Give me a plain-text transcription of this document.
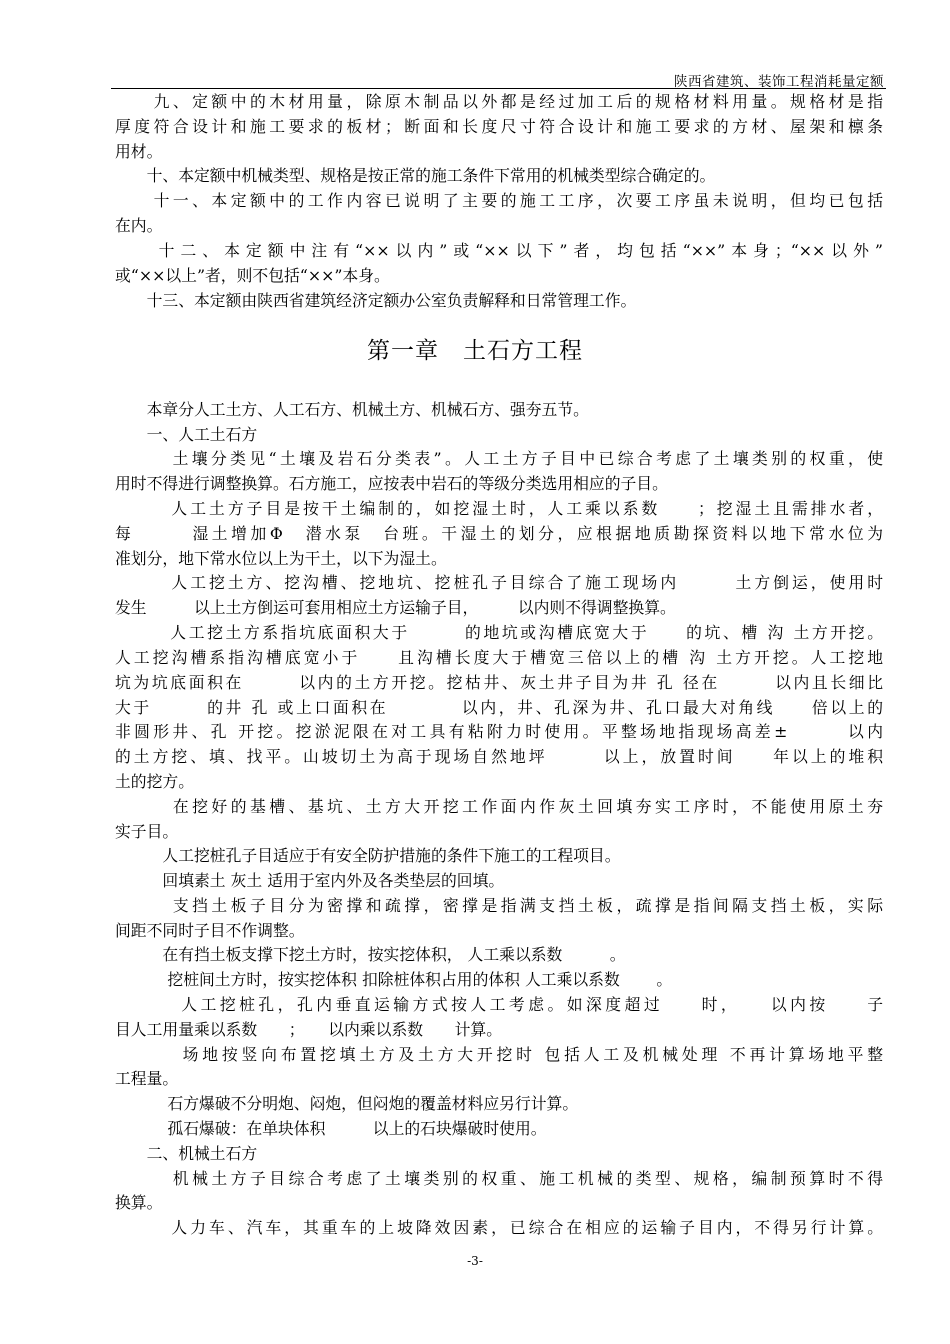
陕西省建筑、装饰工程消耗量定额
　　九、定额中的木材用量，除原木制品以外都是经过加工后的规格材料用量。规格材是指
厚度符合设计和施工要求的板材；断面和长度尺寸符合设计和施工要求的方材、屋架和檩条
用材。
　　十、本定额中机械类型、规格是按正常的施工条件下常用的机械类型综合确定的。
　　十一、本定额中的工作内容已说明了主要的施工工序，次要工序虽未说明，但均已包括
在内。
　　十二、本定额中注有“××以内”或“××以下”者，均包括“××”本身；“××以外”
或“××以上”者，则不包括“××”本身。
　　十三、本定额由陕西省建筑经济定额办公室负责解释和日常管理工作。
第一章　土石方工程
　　本章分人工土方、人工石方、机械土方、机械石方、强夯五节。
　　一、人工土石方
　　　土壤分类见“土壤及岩石分类表”。人工土方子目中已综合考虑了土壤类别的权重，使
用时不得进行调整换算。石方施工，应按表中岩石的等级分类选用相应的子目。
　　　人工土方子目是按干土编制的，如挖湿土时，人工乘以系数　　；挖湿土且需排水者，
每　　　湿土增加Φ　潜水泵　台班。干湿土的划分，应根据地质勘探资料以地下常水位为
准划分，地下常水位以上为干土，以下为湿土。
　　　人工挖土方、挖沟槽、挖地坑、挖桩孔子目综合了施工现场内　　　土方倒运，使用时
发生　　　以上土方倒运可套用相应土方运输子目，　　　以内则不得调整换算。
　　　人工挖土方系指坑底面积大于　　　的地坑或沟槽底宽大于　　的坑、槽 沟 土方开挖。
人工挖沟槽系指沟槽底宽小于　　且沟槽长度大于槽宽三倍以上的槽 沟 土方开挖。人工挖地
坑为坑底面积在　　　以内的土方开挖。挖枯井、灰土井子目为井 孔 径在　　　以内且长细比
大于　　　的井 孔 或上口面积在　　　　以内，井、孔深为井、孔口最大对角线　　倍以上的
非圆形井、孔 开挖。挖淤泥限在对工具有粘附力时使用。平整场地指现场高差±　　　以内
的土方挖、填、找平。山坡切土为高于现场自然地坪　　　以上，放置时间　　年以上的堆积
土的挖方。
　　　在挖好的基槽、基坑、土方大开挖工作面内作灰土回填夯实工序时，不能使用原土夯
实子目。
　　　人工挖桩孔子目适应于有安全防护措施的条件下施工的工程项目。
　　　回填素土 灰土 适用于室内外及各类垫层的回填。
　　　支挡土板子目分为密撑和疏撑，密撑是指满支挡土板，疏撑是指间隔支挡土板，实际
间距不同时子目不作调整。
　　　在有挡土板支撑下挖土方时，按实挖体积， 人工乘以系数　　　。
　　　 挖桩间土方时，按实挖体积 扣除桩体积占用的体积 人工乘以系数　　 。
　　　 人工挖桩孔，孔内垂直运输方式按人工考虑。如深度超过　　时，　　以内按　　子
目人工用量乘以系数　　；　　以内乘以系数　　计算。
　　　 场地按竖向布置挖填土方及土方大开挖时 包括人工及机械处理 不再计算场地平整
工程量。
　　　 石方爆破不分明炮、闷炮，但闷炮的覆盖材料应另行计算。
　　　 孤石爆破：在单块体积　　　以上的石块爆破时使用。
　　二、机械土石方
　　　机械土方子目综合考虑了土壤类别的权重、施工机械的类型、规格，编制预算时不得
换算。
　　　人力车、汽车，其重车的上坡降效因素，已综合在相应的运输子目内，不得另行计算。
-3-
